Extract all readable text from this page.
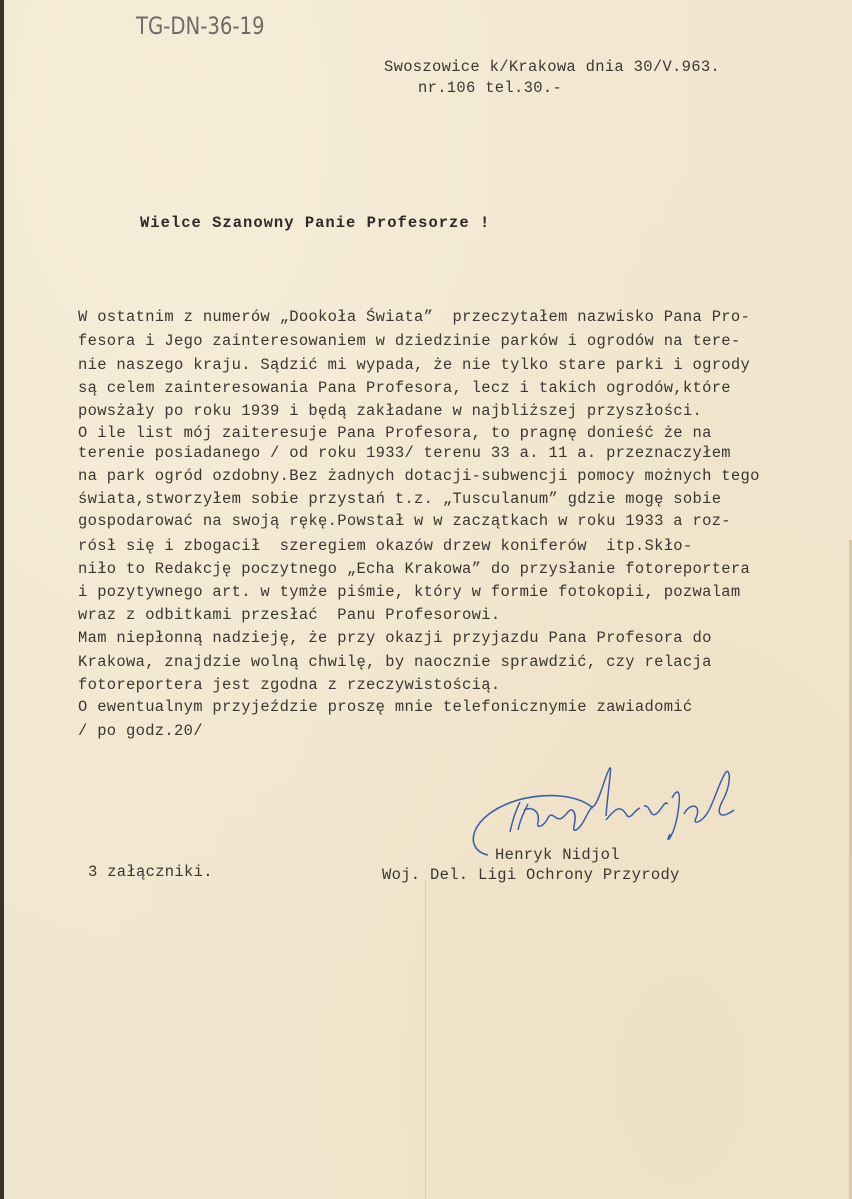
TG-DN-36-19
Swoszowice k/Krakowa dnia 30/V.963.
nr.106 tel.30.-
Wielce Szanowny Panie Profesorze !
W ostatnim z numerów „Dookoła Świata”  przeczytałem nazwisko Pana Pro-
fesora i Jego zainteresowaniem w dziedzinie parków i ogrodów na tere-
nie naszego kraju. Sądzić mi wypada, że nie tylko stare parki i ogrody
są celem zainteresowania Pana Profesora, lecz i takich ogrodów,które
powsżały po roku 1939 i będą zakładane w najbliższej przyszłości.
O ile list mój zaiteresuje Pana Profesora, to pragnę donieść że na
terenie posiadanego / od roku 1933/ terenu 33 a. 11 a. przeznaczyłem
na park ogród ozdobny.Bez żadnych dotacji-subwencji pomocy możnych tego
świata,stworzyłem sobie przystań t.z. „Tusculanum” gdzie mogę sobie
gospodarować na swoją rękę.Powstał w w zaczątkach w roku 1933 a roz-
rósł się i zbogacił  szeregiem okazów drzew koniferów  itp.Skło-
niło to Redakcję poczytnego „Echa Krakowa” do przysłanie fotoreportera
i pozytywnego art. w tymże piśmie, który w formie fotokopii, pozwalam
wraz z odbitkami przesłać  Panu Profesorowi.
Mam niepłonną nadzieję, że przy okazji przyjazdu Pana Profesora do
Krakowa, znajdzie wolną chwilę, by naocznie sprawdzić, czy relacja
fotoreportera jest zgodna z rzeczywistością.
O ewentualnym przyjeździe proszę mnie telefonicznymie zawiadomić
/ po godz.20/
Henryk Nidjol
Woj. Del. Ligi Ochrony Przyrody
3 załączniki.
